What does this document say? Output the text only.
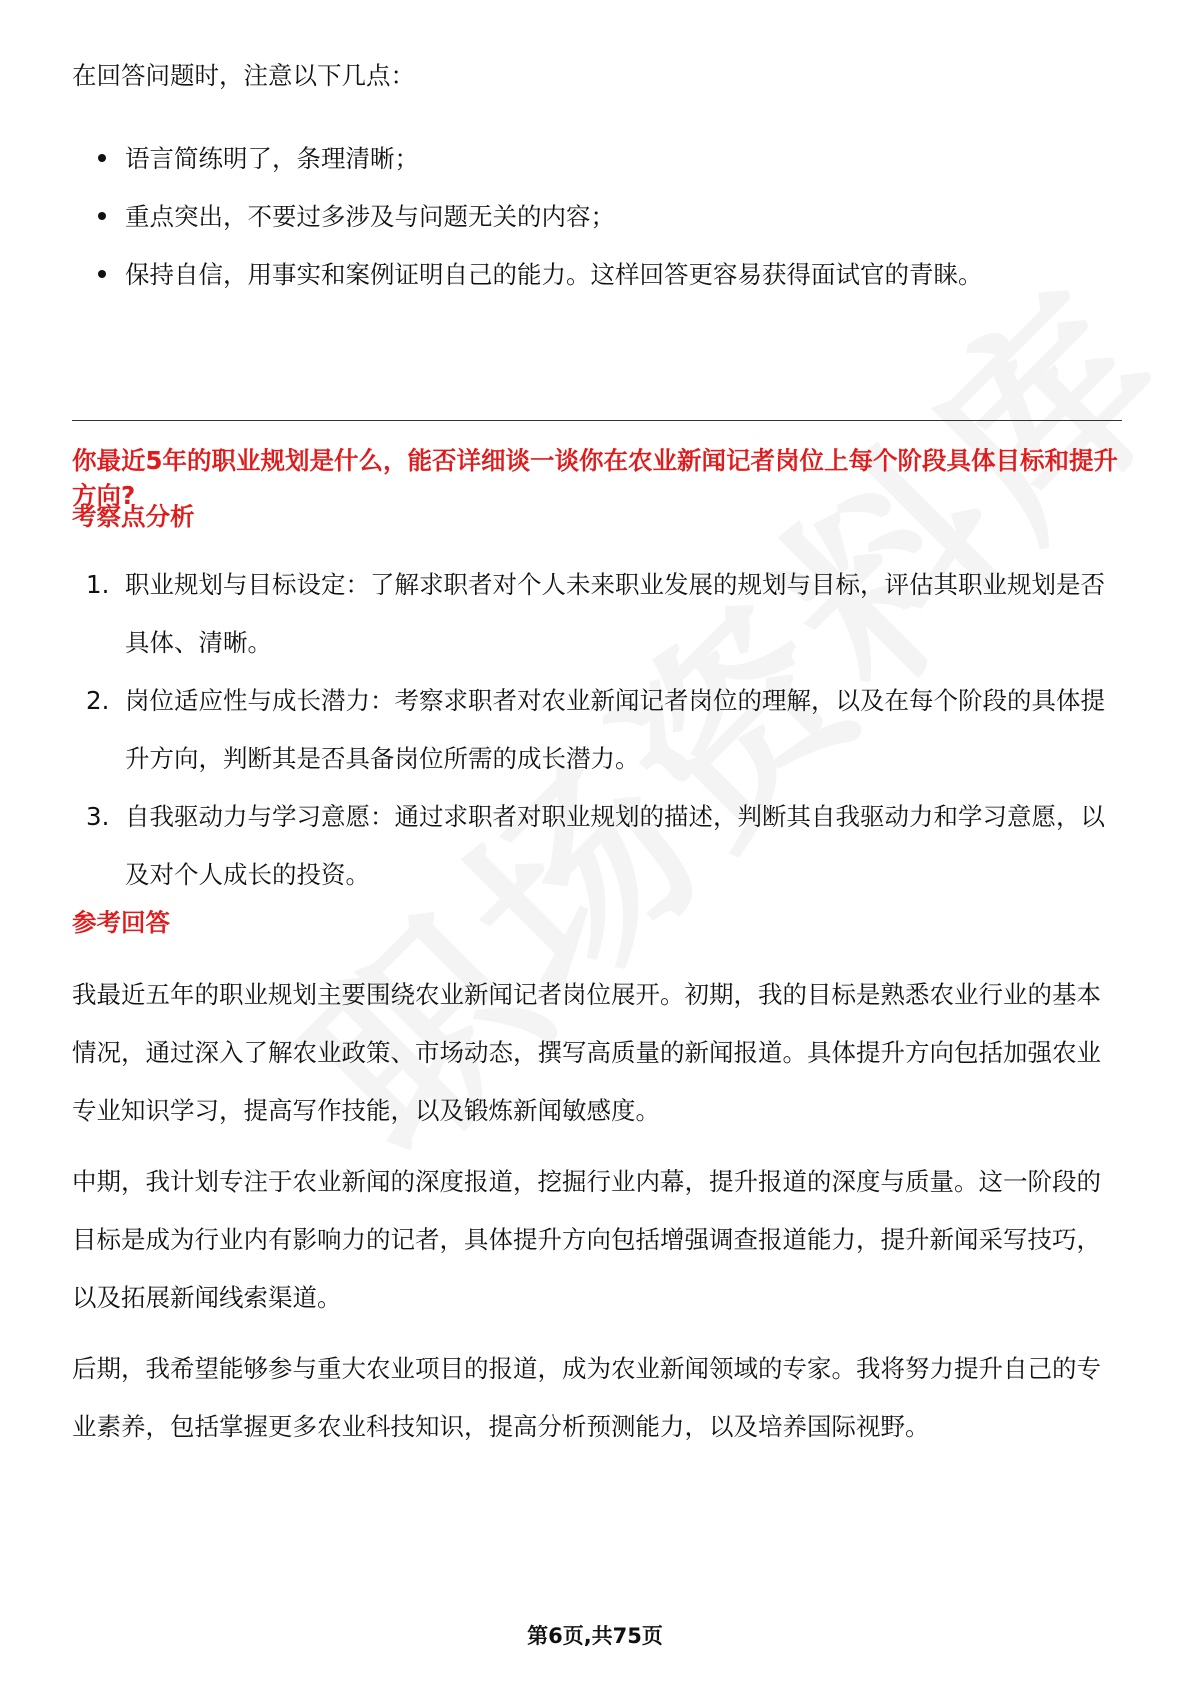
在回答问题时，注意以下几点：

语言简练明了，条理清晰；
重点突出，不要过多涉及与问题无关的内容；
保持自信，用事实和案例证明自己的能力。这样回答更容易获得面试官的青睐。

你最近5年的职业规划是什么，能否详细谈一谈你在农业新闻记者岗位上每个阶段具体目标和提升方向?

考察点分析
1. 职业规划与目标设定：了解求职者对个人未来职业发展的规划与目标，评估其职业规划是否具体、清晰。
2. 岗位适应性与成长潜力：考察求职者对农业新闻记者岗位的理解，以及在每个阶段的具体提升方向，判断其是否具备岗位所需的成长潜力。
3. 自我驱动力与学习意愿：通过求职者对职业规划的描述，判断其自我驱动力和学习意愿，以及对个人成长的投资。
参考回答

我最近五年的职业规划主要围绕农业新闻记者岗位展开。初期，我的目标是熟悉农业行业的基本情况，通过深入了解农业政策、市场动态，撰写高质量的新闻报道。具体提升方向包括加强农业专业知识学习，提高写作技能，以及锻炼新闻敏感度。

中期，我计划专注于农业新闻的深度报道，挖掘行业内幕，提升报道的深度与质量。这一阶段的目标是成为行业内有影响力的记者，具体提升方向包括增强调查报道能力，提升新闻采写技巧，以及拓展新闻线索渠道。

后期，我希望能够参与重大农业项目的报道，成为农业新闻领域的专家。我将努力提升自己的专业素养，包括掌握更多农业科技知识，提高分析预测能力，以及培养国际视野。

第6页,共75页
